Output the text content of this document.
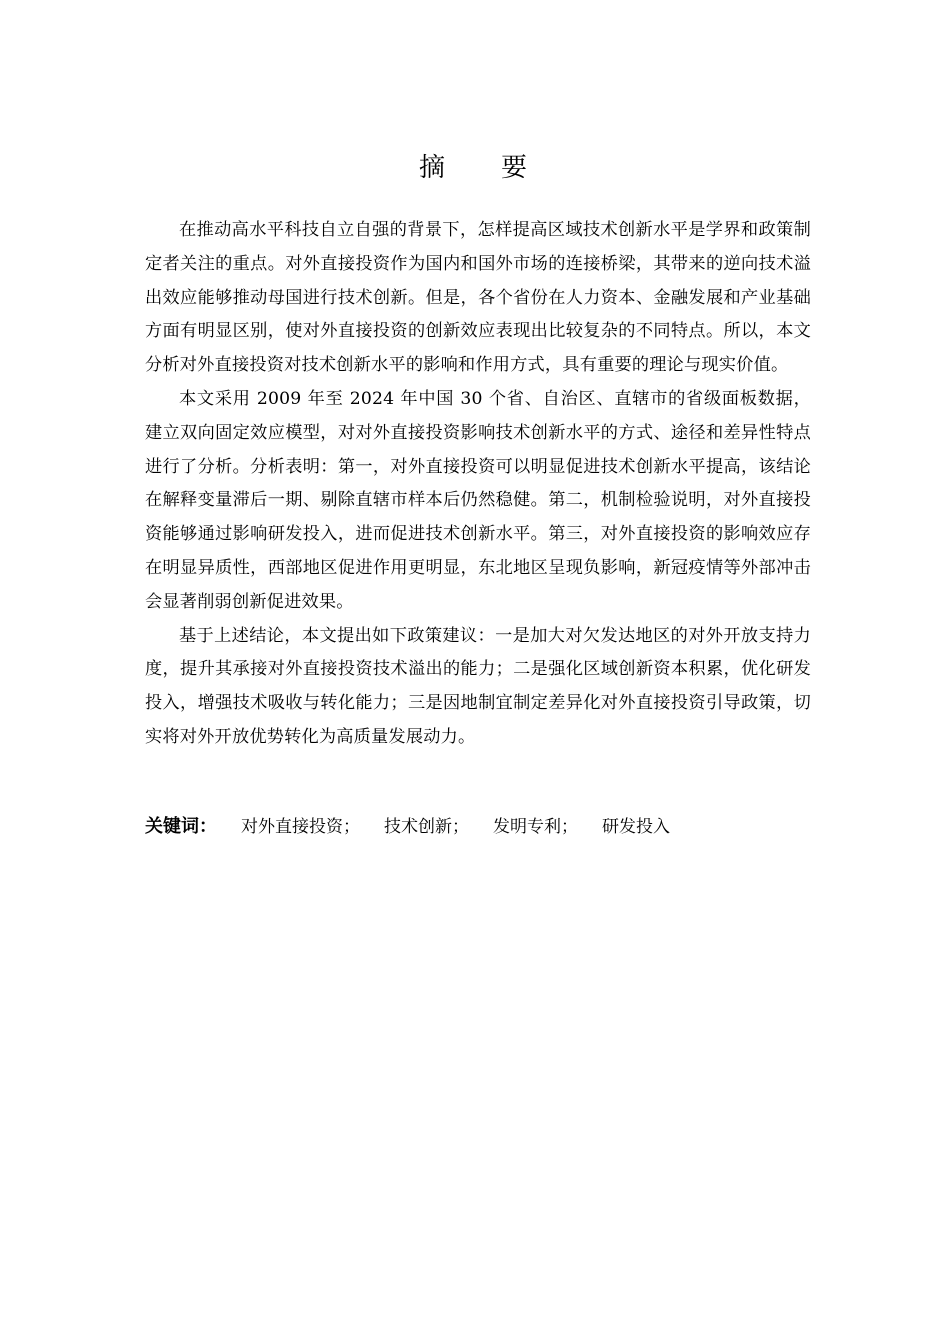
摘 要

在推动高水平科技自立自强的背景下，怎样提高区域技术创新水平是学界和政策制定者关注的重点。对外直接投资作为国内和国外市场的连接桥梁，其带来的逆向技术溢出效应能够推动母国进行技术创新。但是，各个省份在人力资本、金融发展和产业基础方面有明显区别，使对外直接投资的创新效应表现出比较复杂的不同特点。所以，本文分析对外直接投资对技术创新水平的影响和作用方式，具有重要的理论与现实价值。

本文采用 2009 年至 2024 年中国 30 个省、自治区、直辖市的省级面板数据，建立双向固定效应模型，对对外直接投资影响技术创新水平的方式、途径和差异性特点进行了分析。分析表明：第一，对外直接投资可以明显促进技术创新水平提高，该结论在解释变量滞后一期、剔除直辖市样本后仍然稳健。第二，机制检验说明，对外直接投资能够通过影响研发投入，进而促进技术创新水平。第三，对外直接投资的影响效应存在明显异质性，西部地区促进作用更明显，东北地区呈现负影响，新冠疫情等外部冲击会显著削弱创新促进效果。

基于上述结论，本文提出如下政策建议：一是加大对欠发达地区的对外开放支持力度，提升其承接对外直接投资技术溢出的能力；二是强化区域创新资本积累，优化研发投入，增强技术吸收与转化能力；三是因地制宜制定差异化对外直接投资引导政策，切实将对外开放优势转化为高质量发展动力。

关键词： 对外直接投资； 技术创新； 发明专利； 研发投入
